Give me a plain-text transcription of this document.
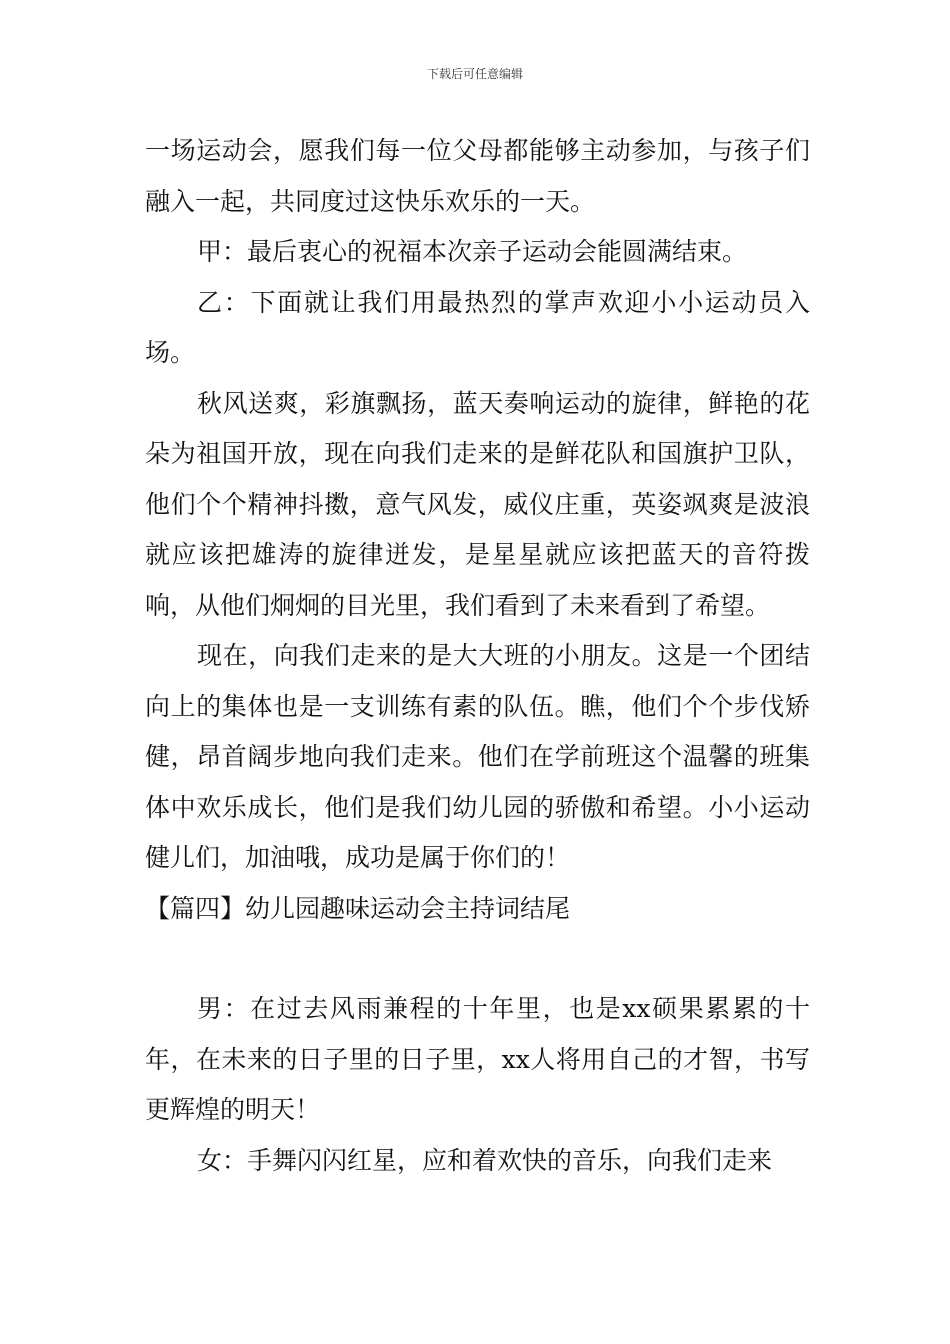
下载后可任意编辑

一场运动会，愿我们每一位父母都能够主动参加，与孩子们融入一起，共同度过这快乐欢乐的一天。

甲：最后衷心的祝福本次亲子运动会能圆满结束。

乙：下面就让我们用最热烈的掌声欢迎小小运动员入场。

秋风送爽，彩旗飘扬，蓝天奏响运动的旋律，鲜艳的花朵为祖国开放，现在向我们走来的是鲜花队和国旗护卫队，他们个个精神抖擞，意气风发，威仪庄重，英姿飒爽是波浪就应该把雄涛的旋律迸发，是星星就应该把蓝天的音符拨响，从他们炯炯的目光里，我们看到了未来看到了希望。

现在，向我们走来的是大大班的小朋友。这是一个团结向上的集体也是一支训练有素的队伍。瞧，他们个个步伐矫健，昂首阔步地向我们走来。他们在学前班这个温馨的班集体中欢乐成长，他们是我们幼儿园的骄傲和希望。小小运动健儿们，加油哦，成功是属于你们的！

【篇四】幼儿园趣味运动会主持词结尾

男：在过去风雨兼程的十年里，也是xx硕果累累的十年，在未来的日子里的日子里，xx人将用自己的才智，书写更辉煌的明天！

女：手舞闪闪红星，应和着欢快的音乐，向我们走来
